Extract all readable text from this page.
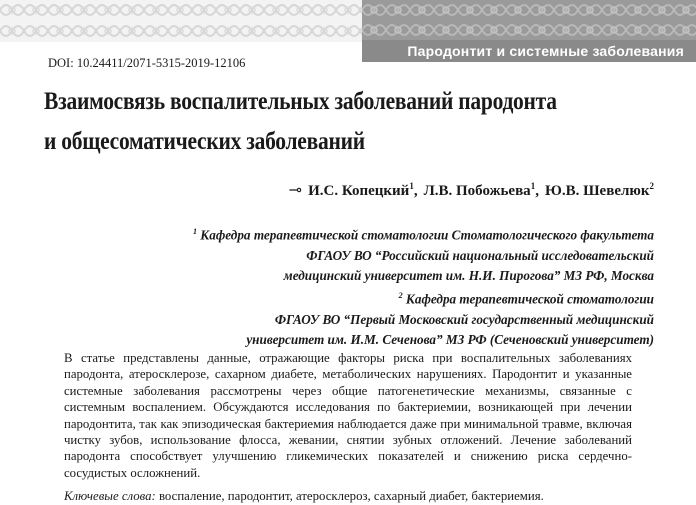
Пародонтит и системные заболевания
DOI: 10.24411/2071-5315-2019-12106
Взаимосвязь воспалительных заболеваний пародонта
и общесоматических заболеваний
⊸ И.С. Копецкий$^1$, Л.В. Побожьева$^1$, Ю.В. Шевелюк$^2$
$^1$ Кафедра терапевтической стоматологии Стоматологического факультета
ФГАОУ ВО “Российский национальный исследовательский
медицинский университет им. Н.И. Пирогова” МЗ РФ, Москва
$^2$ Кафедра терапевтической стоматологии
ФГАОУ ВО “Первый Московский государственный медицинский
университет им. И.М. Сеченова” МЗ РФ (Сеченовский университет)
В статье представлены данные, отражающие факторы риска при воспалительных заболеваниях пародонта, атеросклерозе, сахарном диабете, метаболических нарушениях. Пародонтит и указанные системные заболевания рассмотрены через общие патогенетические механизмы, связанные с системным воспалением. Обсуждаются исследования по бактериемии, возникающей при лечении пародонтита, так как эпизодическая бактериемия наблюдается даже при минимальной травме, включая чистку зубов, использование флосса, жевании, снятии зубных отложений. Лечение заболеваний пародонта способствует улучшению гликемических показателей и снижению риска сердечно-сосудистых осложнений.
Ключевые слова: воспаление, пародонтит, атеросклероз, сахарный диабет, бактериемия.
